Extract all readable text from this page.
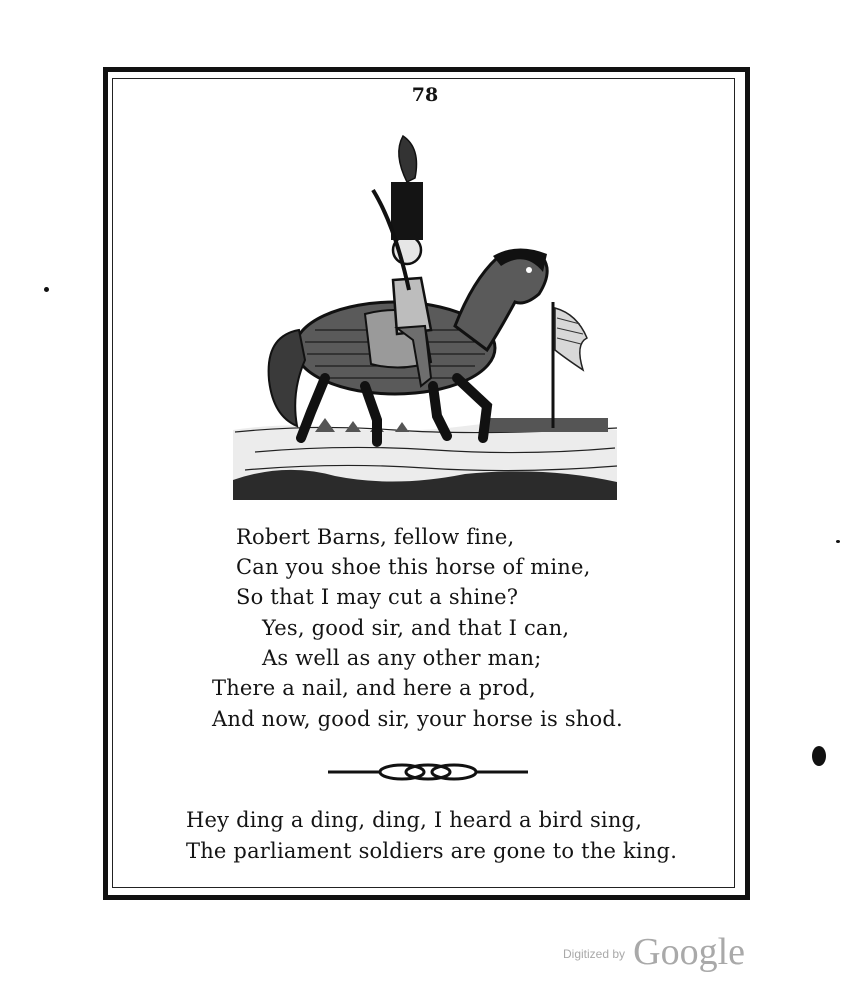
78
Robert Barns, fellow fine,
Can you shoe this horse of mine,
So that I may cut a shine?
Yes, good sir, and that I can,
As well as any other man;
There a nail, and here a prod,
And now, good sir, your horse is shod.
Hey ding a ding, ding, I heard a bird sing,
The parliament soldiers are gone to the king.
Digitized by Google
